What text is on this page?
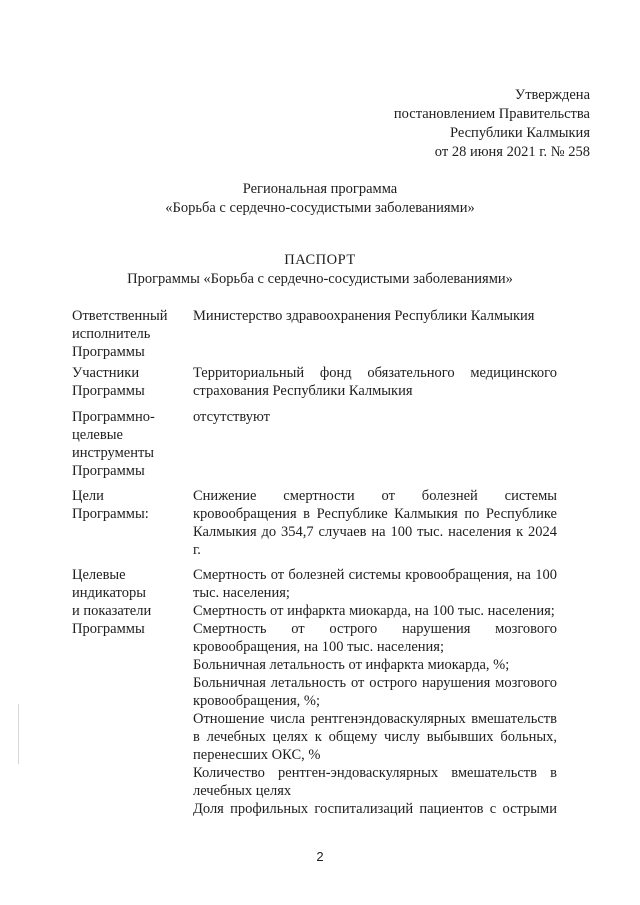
Утверждена
постановлением Правительства
Республики Калмыкия
от 28 июня 2021 г. № 258
Региональная программа
«Борьба с сердечно-сосудистыми заболеваниями»
ПАСПОРТ
Программы «Борьба с сердечно-сосудистыми заболеваниями»
Ответственный
исполнитель
Программы
Министерство здравоохранения Республики Калмыкия
Участники
Программы
Территориальный фонд обязательного медицинского страхования Республики Калмыкия
Программно-
целевые
инструменты
Программы
отсутствуют
Цели
Программы:
Снижение смертности от болезней системы кровообращения в Республике Калмыкия по Республике Калмыкия до 354,7 случаев на 100 тыс. населения к 2024 г.
Целевые
индикаторы
и показатели
Программы
Смертность от болезней системы кровообращения, на 100 тыс. населения;
Смертность от инфаркта миокарда, на 100 тыс. населения;
Смертность от острого нарушения мозгового кровообращения, на 100 тыс. населения;
Больничная летальность от инфаркта миокарда, %;
Больничная летальность от острого нарушения мозгового кровообращения, %;
Отношение числа рентгенэндоваскулярных вмешательств в лечебных целях к общему числу выбывших больных, перенесших ОКС, %
Количество рентген-эндоваскулярных вмешательств в лечебных целях
Доля профильных госпитализаций пациентов с острыми
2
